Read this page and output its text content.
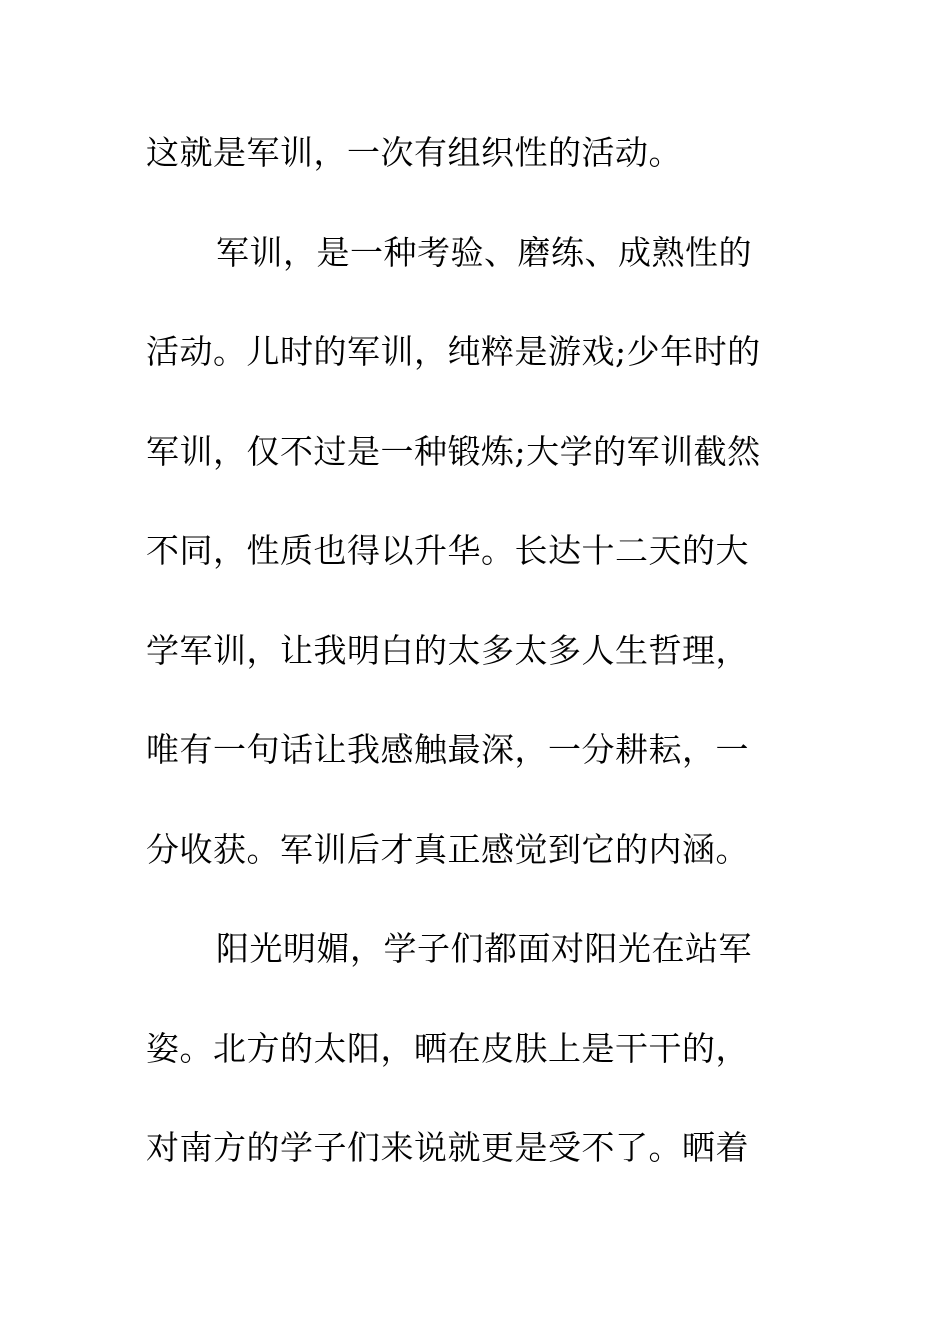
这就是军训，一次有组织性的活动。
军训，是一种考验、磨练、成熟性的
活动。儿时的军训，纯粹是游戏;少年时的
军训，仅不过是一种锻炼;大学的军训截然
不同，性质也得以升华。长达十二天的大
学军训，让我明白的太多太多人生哲理，
唯有一句话让我感触最深，一分耕耘，一
分收获。军训后才真正感觉到它的内涵。
阳光明媚，学子们都面对阳光在站军
姿。北方的太阳，晒在皮肤上是干干的，
对南方的学子们来说就更是受不了。晒着
